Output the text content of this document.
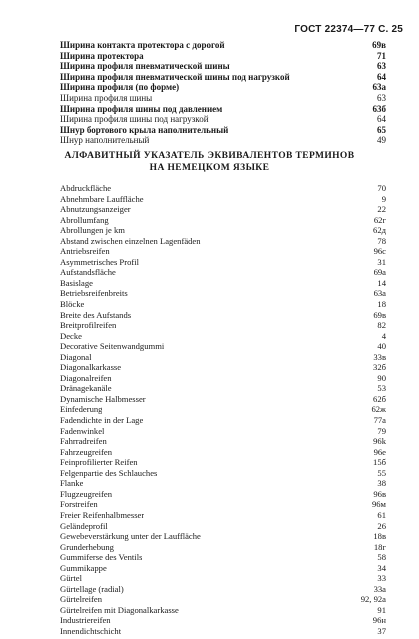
ГОСТ 22374—77 С. 25
Ширина контакта протектора с дорогой	69в
Ширина протектора	71
Ширина профиля пневматической шины	63
Ширина профиля пневматической шины под нагрузкой	64
Ширина профиля (по форме)	63а
Ширина профиля шины	63
Ширина профиля шины под давлением	63б
Ширина профиля шины под нагрузкой	64
Шнур бортового крыла наполнительный	65
Шнур наполнительный	49
АЛФАВИТНЫЙ УКАЗАТЕЛЬ ЭКВИВАЛЕНТОВ ТЕРМИНОВ
НА НЕМЕЦКОМ ЯЗЫКЕ
Abdruckfläche	70
Abnehmbare Lauffläche	9
Abnutzungsanzeiger	22
Abrollumfang	62г
Abrollungen je km	62д
Abstand zwischen einzelnen Lagenfäden	78
Antriebsreifen	96с
Asymmetrisches Profil	31
Aufstandsfläche	69а
Basislage	14
Betriebsreifenbreits	63а
Blöcke	18
Breite des Aufstands	69в
Breitprofilreifen	82
Decke	4
Decorative Seitenwandgummi	40
Diagonal	33в
Diagonalkarkasse	32б
Diagonalreifen	90
Dränagekanäle	53
Dynamische Halbmesser	62б
Einfederung	62ж
Fadendichte in der Lage	77а
Fadenwinkel	79
Fahrradreifen	96k
Fahrzeugreifen	96е
Feinprofilierter Reifen	15б
Felgenpartie des Schlauches	55
Flanke	38
Flugzeugreifen	96в
Forstreifen	96м
Freier Reifenhalbmesser	61
Geländeprofil	26
Gewebeverstärkung unter der Lauffläche	18в
Grunderhebung	18г
Gummiferse des Ventils	58
Gummikappe	34
Gürtel	33
Gürtellage (radial)	33а
Gürtelreifen	92, 92а
Gürtelreifen mit Diagonalkarkasse	91
Industriereifen	96н
Innendichtschicht	37
